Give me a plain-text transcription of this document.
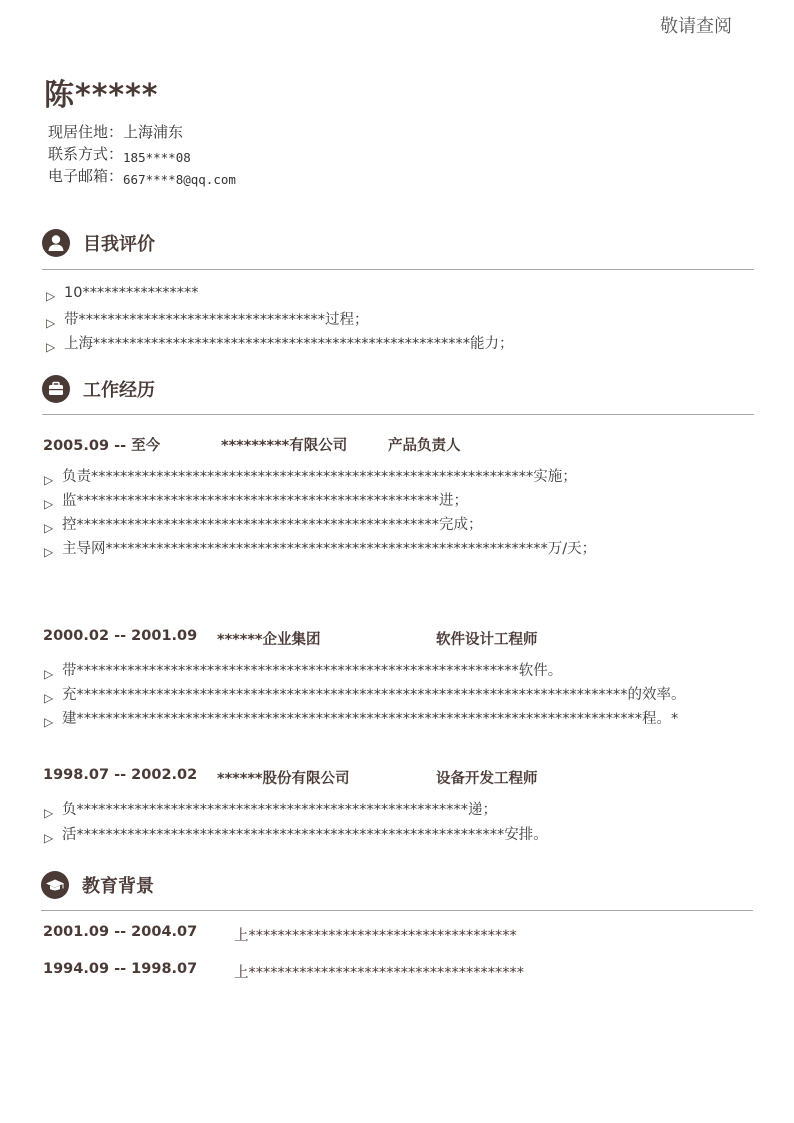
敬请查阅
陈*****
现居住地：上海浦东
联系方式：$_{185****08}$
电子邮箱：$_{667****8@qq.com}$
目我评价
▷ 10****************
▷ 带**********************************过程；
▷ 上海****************************************************能力；
工作经历
2005.09 -- 至今	*********有限公司	产品负责人
▷ 负责*************************************************************实施；
▷ 监**************************************************进；
▷ 控**************************************************完成；
▷ 主导网*************************************************************万/天；
2000.02 -- 2001.09 ******企业集团	软件设计工程师
▷ 带*************************************************************软件。
▷ 充****************************************************************************的效率。
▷ 建******************************************************************************程。*
1998.07 -- 2002.02 ******股份有限公司	设备开发工程师
▷ 负******************************************************递；
▷ 活***********************************************************安排。
教育背景
2001.09 -- 2004.07	上*************************************
1994.09 -- 1998.07	上**************************************
